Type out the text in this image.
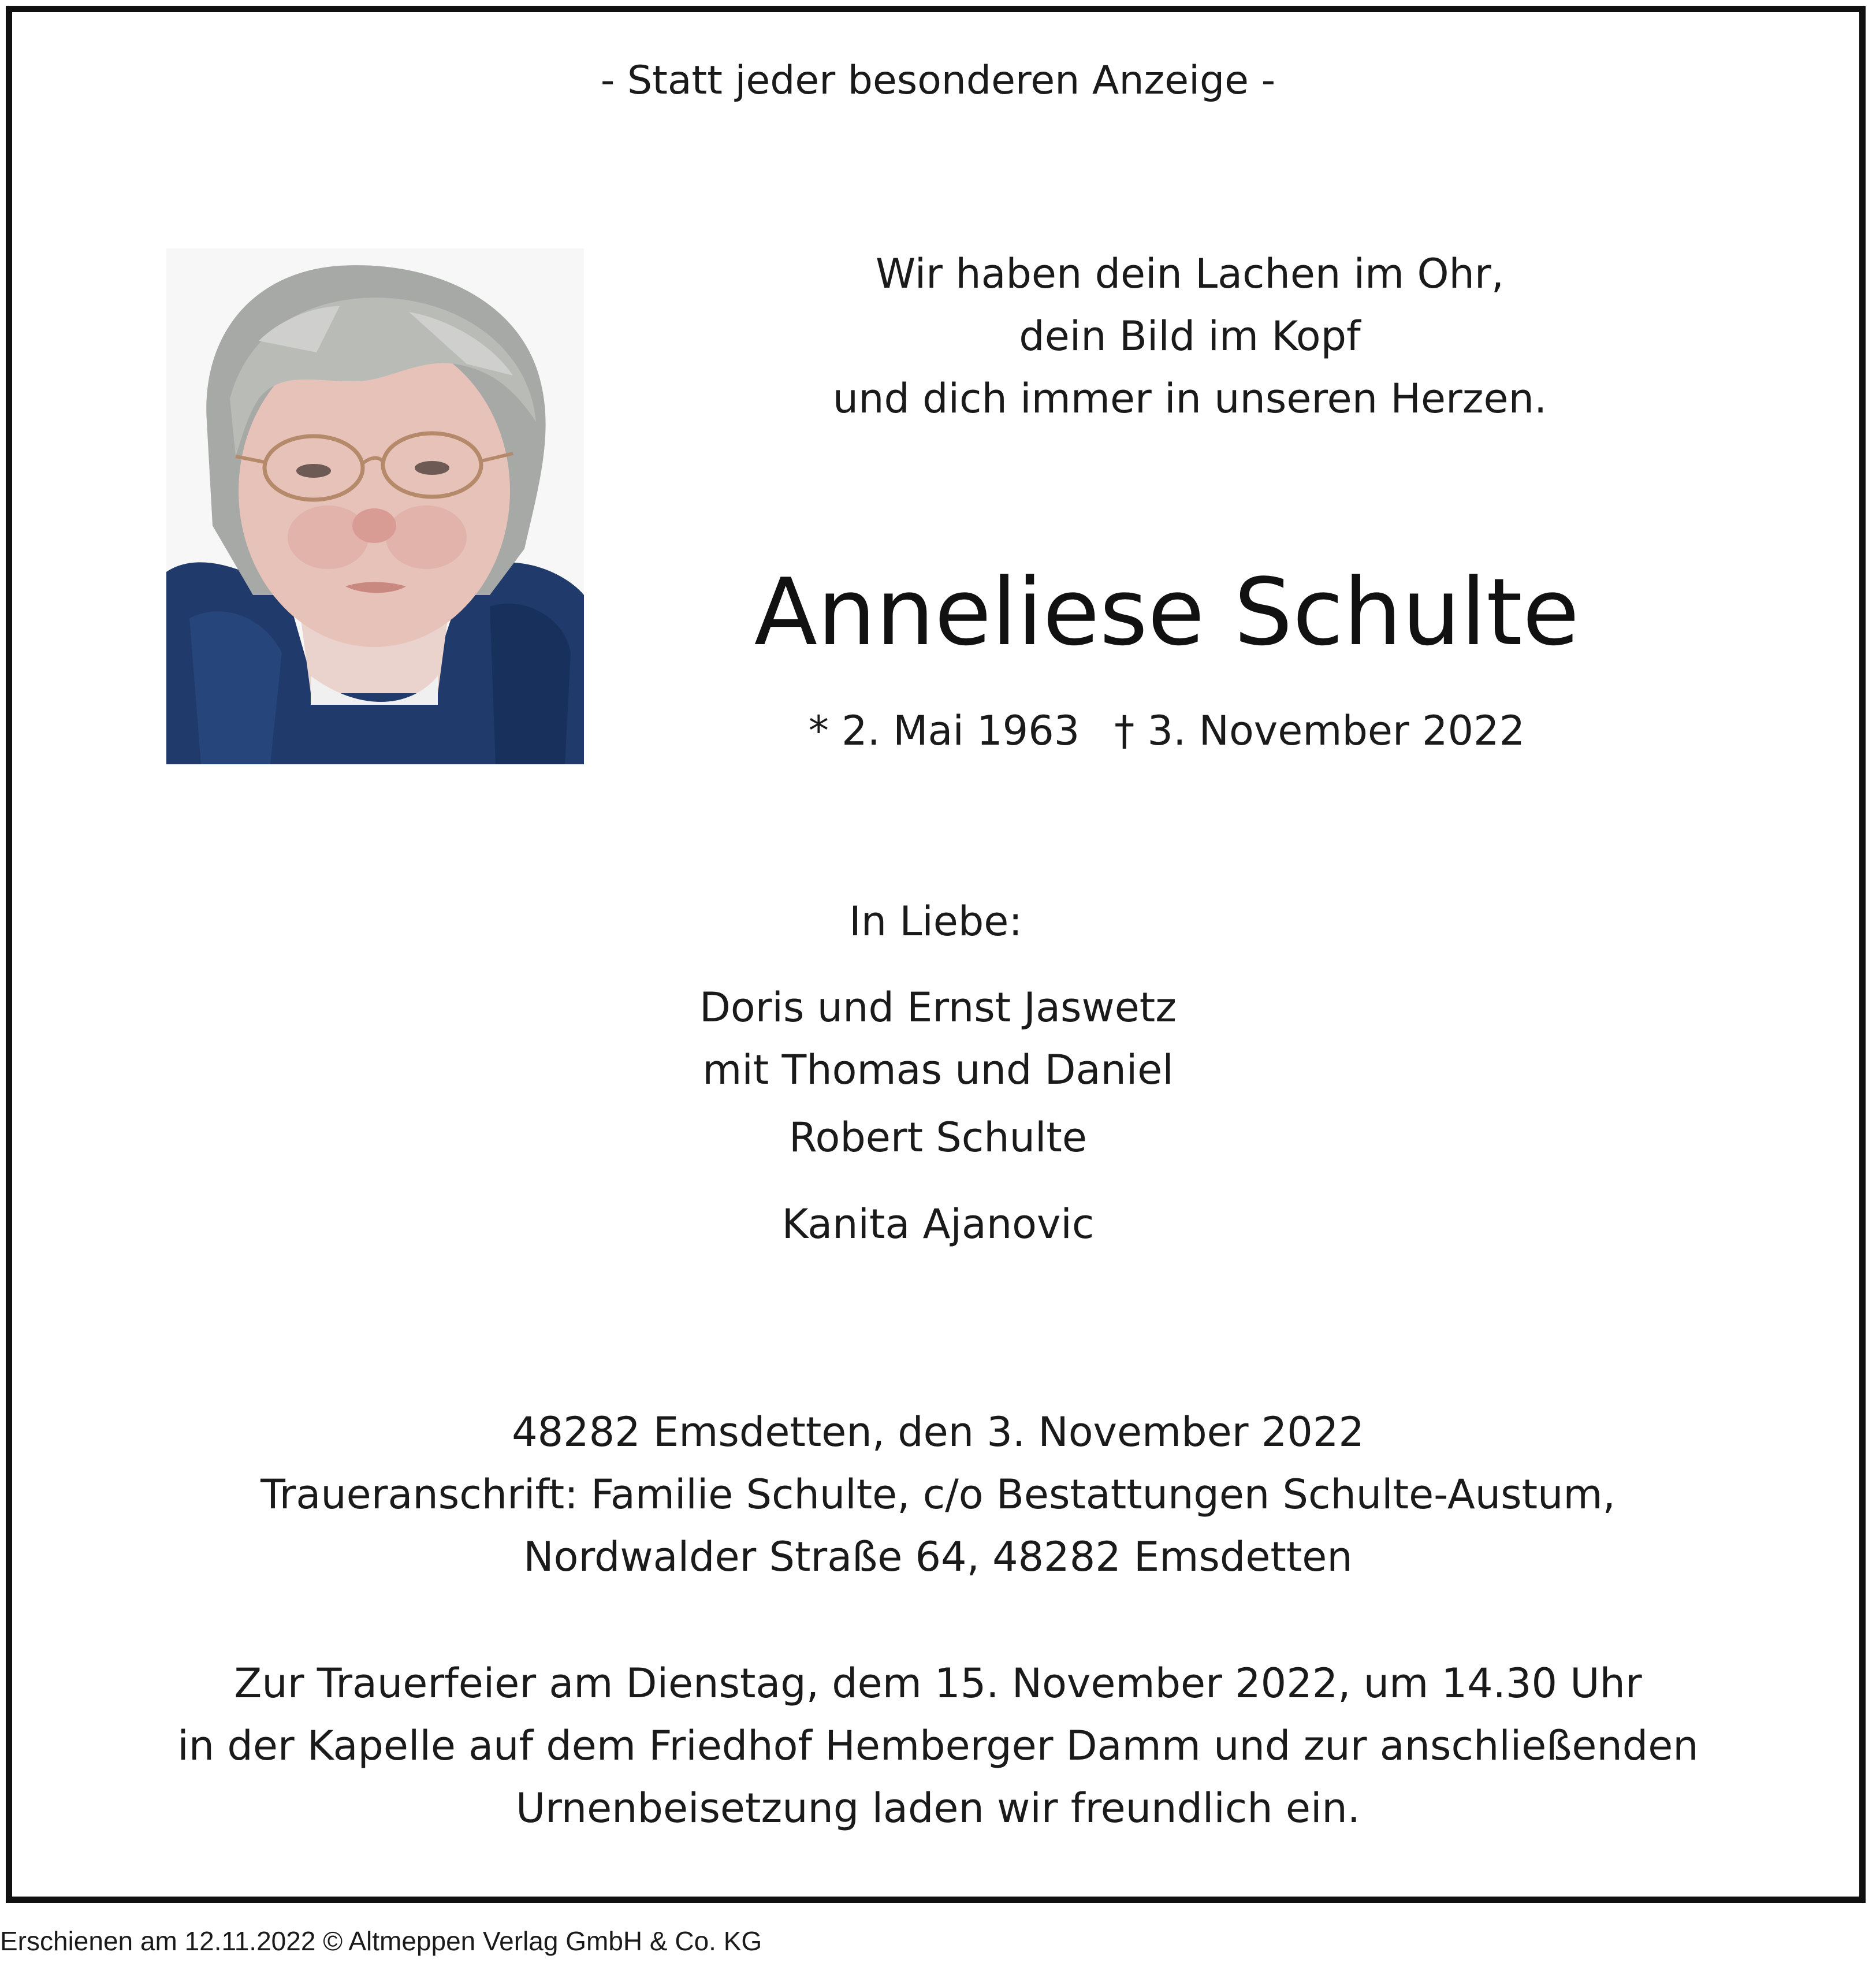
- Statt jeder besonderen Anzeige -
Wir haben dein Lachen im Ohr,
dein Bild im Kopf
und dich immer in unseren Herzen.
Anneliese Schulte
* 2. Mai 1963 † 3. November 2022
In Liebe:
Doris und Ernst Jaswetz
mit Thomas und Daniel
Robert Schulte
Kanita Ajanovic
48282 Emsdetten, den 3. November 2022
Traueranschrift: Familie Schulte, c/o Bestattungen Schulte-Austum,
Nordwalder Straße 64, 48282 Emsdetten
Zur Trauerfeier am Dienstag, dem 15. November 2022, um 14.30 Uhr
in der Kapelle auf dem Friedhof Hemberger Damm und zur anschließenden
Urnenbeisetzung laden wir freundlich ein.
Erschienen am 12.11.2022 © Altmeppen Verlag GmbH & Co. KG
